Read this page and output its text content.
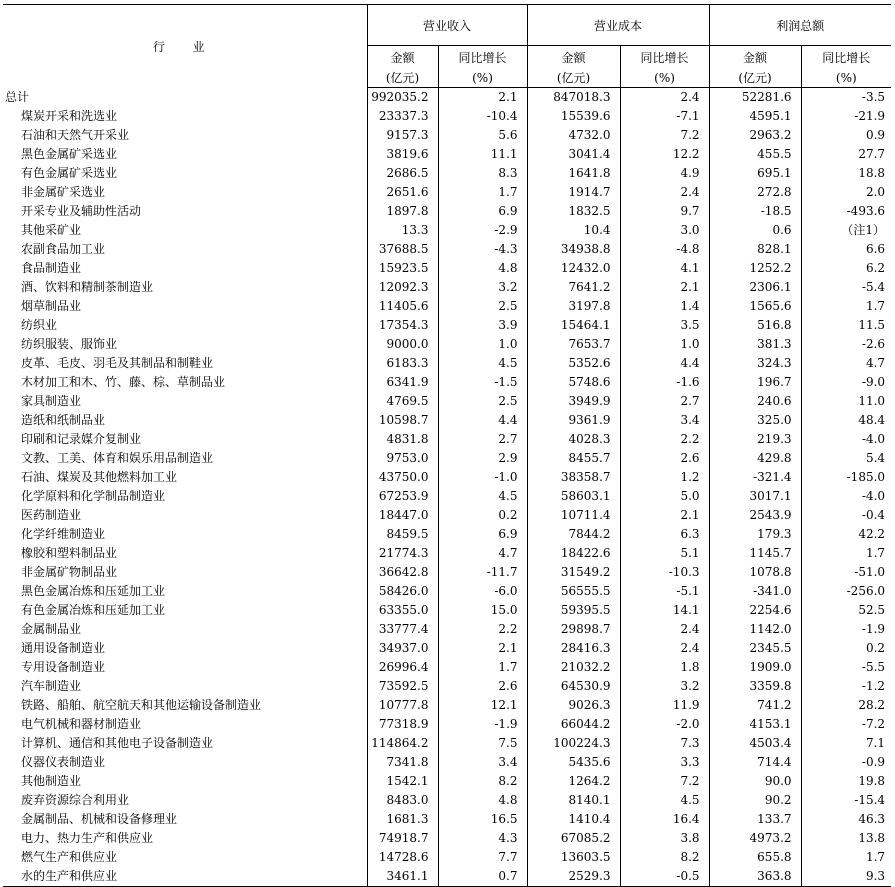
行 业	营业收入		营业成本		利润总额	
	金额	同比增长	金额	同比增长	金额	同比增长
	(亿元)	(%)	(亿元)	(%)	(亿元)	(%)
总计	992035.2	2.1	847018.3	2.4	52281.6	-3.5
煤炭开采和洗选业	23337.3	-10.4	15539.6	-7.1	4595.1	-21.9
石油和天然气开采业	9157.3	5.6	4732.0	7.2	2963.2	0.9
黑色金属矿采选业	3819.6	11.1	3041.4	12.2	455.5	27.7
有色金属矿采选业	2686.5	8.3	1641.8	4.9	695.1	18.8
非金属矿采选业	2651.6	1.7	1914.7	2.4	272.8	2.0
开采专业及辅助性活动	1897.8	6.9	1832.5	9.7	-18.5	-493.6
其他采矿业	13.3	-2.9	10.4	3.0	0.6	（注1）
农副食品加工业	37688.5	-4.3	34938.8	-4.8	828.1	6.6
食品制造业	15923.5	4.8	12432.0	4.1	1252.2	6.2
酒、饮料和精制茶制造业	12092.3	3.2	7641.2	2.1	2306.1	-5.4
烟草制品业	11405.6	2.5	3197.8	1.4	1565.6	1.7
纺织业	17354.3	3.9	15464.1	3.5	516.8	11.5
纺织服装、服饰业	9000.0	1.0	7653.7	1.0	381.3	-2.6
皮革、毛皮、羽毛及其制品和制鞋业	6183.3	4.5	5352.6	4.4	324.3	4.7
木材加工和木、竹、藤、棕、草制品业	6341.9	-1.5	5748.6	-1.6	196.7	-9.0
家具制造业	4769.5	2.5	3949.9	2.7	240.6	11.0
造纸和纸制品业	10598.7	4.4	9361.9	3.4	325.0	48.4
印刷和记录媒介复制业	4831.8	2.7	4028.3	2.2	219.3	-4.0
文教、工美、体育和娱乐用品制造业	9753.0	2.9	8455.7	2.6	429.8	5.4
石油、煤炭及其他燃料加工业	43750.0	-1.0	38358.7	1.2	-321.4	-185.0
化学原料和化学制品制造业	67253.9	4.5	58603.1	5.0	3017.1	-4.0
医药制造业	18447.0	0.2	10711.4	2.1	2543.9	-0.4
化学纤维制造业	8459.5	6.9	7844.2	6.3	179.3	42.2
橡胶和塑料制品业	21774.3	4.7	18422.6	5.1	1145.7	1.7
非金属矿物制品业	36642.8	-11.7	31549.2	-10.3	1078.8	-51.0
黑色金属冶炼和压延加工业	58426.0	-6.0	56555.5	-5.1	-341.0	-256.0
有色金属冶炼和压延加工业	63355.0	15.0	59395.5	14.1	2254.6	52.5
金属制品业	33777.4	2.2	29898.7	2.4	1142.0	-1.9
通用设备制造业	34937.0	2.1	28416.3	2.4	2345.5	0.2
专用设备制造业	26996.4	1.7	21032.2	1.8	1909.0	-5.5
汽车制造业	73592.5	2.6	64530.9	3.2	3359.8	-1.2
铁路、船舶、航空航天和其他运输设备制造业	10777.8	12.1	9026.3	11.9	741.2	28.2
电气机械和器材制造业	77318.9	-1.9	66044.2	-2.0	4153.1	-7.2
计算机、通信和其他电子设备制造业	114864.2	7.5	100224.3	7.3	4503.4	7.1
仪器仪表制造业	7341.8	3.4	5435.6	3.3	714.4	-0.9
其他制造业	1542.1	8.2	1264.2	7.2	90.0	19.8
废弃资源综合利用业	8483.0	4.8	8140.1	4.5	90.2	-15.4
金属制品、机械和设备修理业	1681.3	16.5	1410.4	16.4	133.7	46.3
电力、热力生产和供应业	74918.7	4.3	67085.2	3.8	4973.2	13.8
燃气生产和供应业	14728.6	7.7	13603.5	8.2	655.8	1.7
水的生产和供应业	3461.1	0.7	2529.3	-0.5	363.8	9.3
